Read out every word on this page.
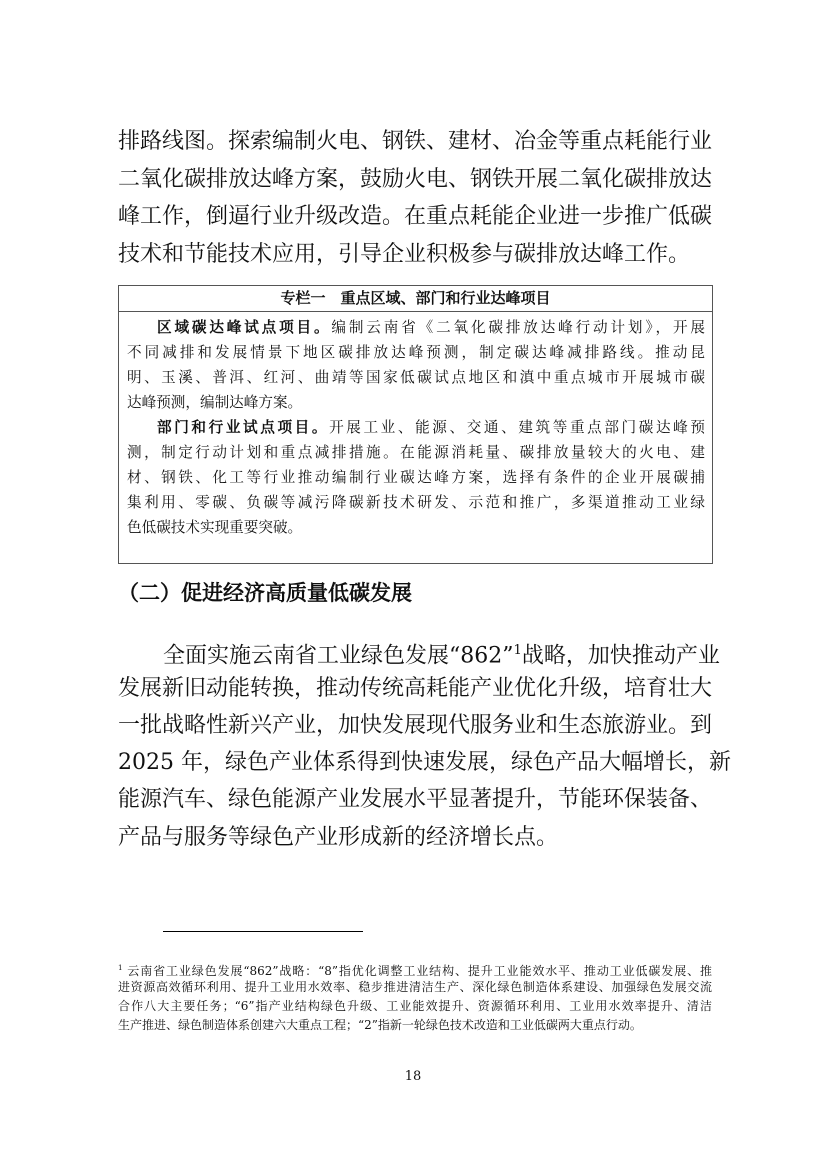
排路线图。探索编制火电、钢铁、建材、冶金等重点耗能行业
二氧化碳排放达峰方案，鼓励火电、钢铁开展二氧化碳排放达
峰工作，倒逼行业升级改造。在重点耗能企业进一步推广低碳
技术和节能技术应用，引导企业积极参与碳排放达峰工作。
专栏一　重点区域、部门和行业达峰项目
区域碳达峰试点项目。编制云南省《二氧化碳排放达峰行动计划》，开展
不同减排和发展情景下地区碳排放达峰预测，制定碳达峰减排路线。推动昆
明、玉溪、普洱、红河、曲靖等国家低碳试点地区和滇中重点城市开展城市碳
达峰预测，编制达峰方案。
部门和行业试点项目。开展工业、能源、交通、建筑等重点部门碳达峰预
测，制定行动计划和重点减排措施。在能源消耗量、碳排放量较大的火电、建
材、钢铁、化工等行业推动编制行业碳达峰方案，选择有条件的企业开展碳捕
集利用、零碳、负碳等减污降碳新技术研发、示范和推广，多渠道推动工业绿
色低碳技术实现重要突破。
（二）促进经济高质量低碳发展
全面实施云南省工业绿色发展“862”$^1$战略，加快推动产业
发展新旧动能转换，推动传统高耗能产业优化升级，培育壮大
一批战略性新兴产业，加快发展现代服务业和生态旅游业。到
2025 年，绿色产业体系得到快速发展，绿色产品大幅增长，新
能源汽车、绿色能源产业发展水平显著提升，节能环保装备、
产品与服务等绿色产业形成新的经济增长点。
$^1$ 云南省工业绿色发展“862”战略：“8”指优化调整工业结构、提升工业能效水平、推动工业低碳发展、推
进资源高效循环利用、提升工业用水效率、稳步推进清洁生产、深化绿色制造体系建设、加强绿色发展交流
合作八大主要任务；“6”指产业结构绿色升级、工业能效提升、资源循环利用、工业用水效率提升、清洁
生产推进、绿色制造体系创建六大重点工程；“2”指新一轮绿色技术改造和工业低碳两大重点行动。
18
